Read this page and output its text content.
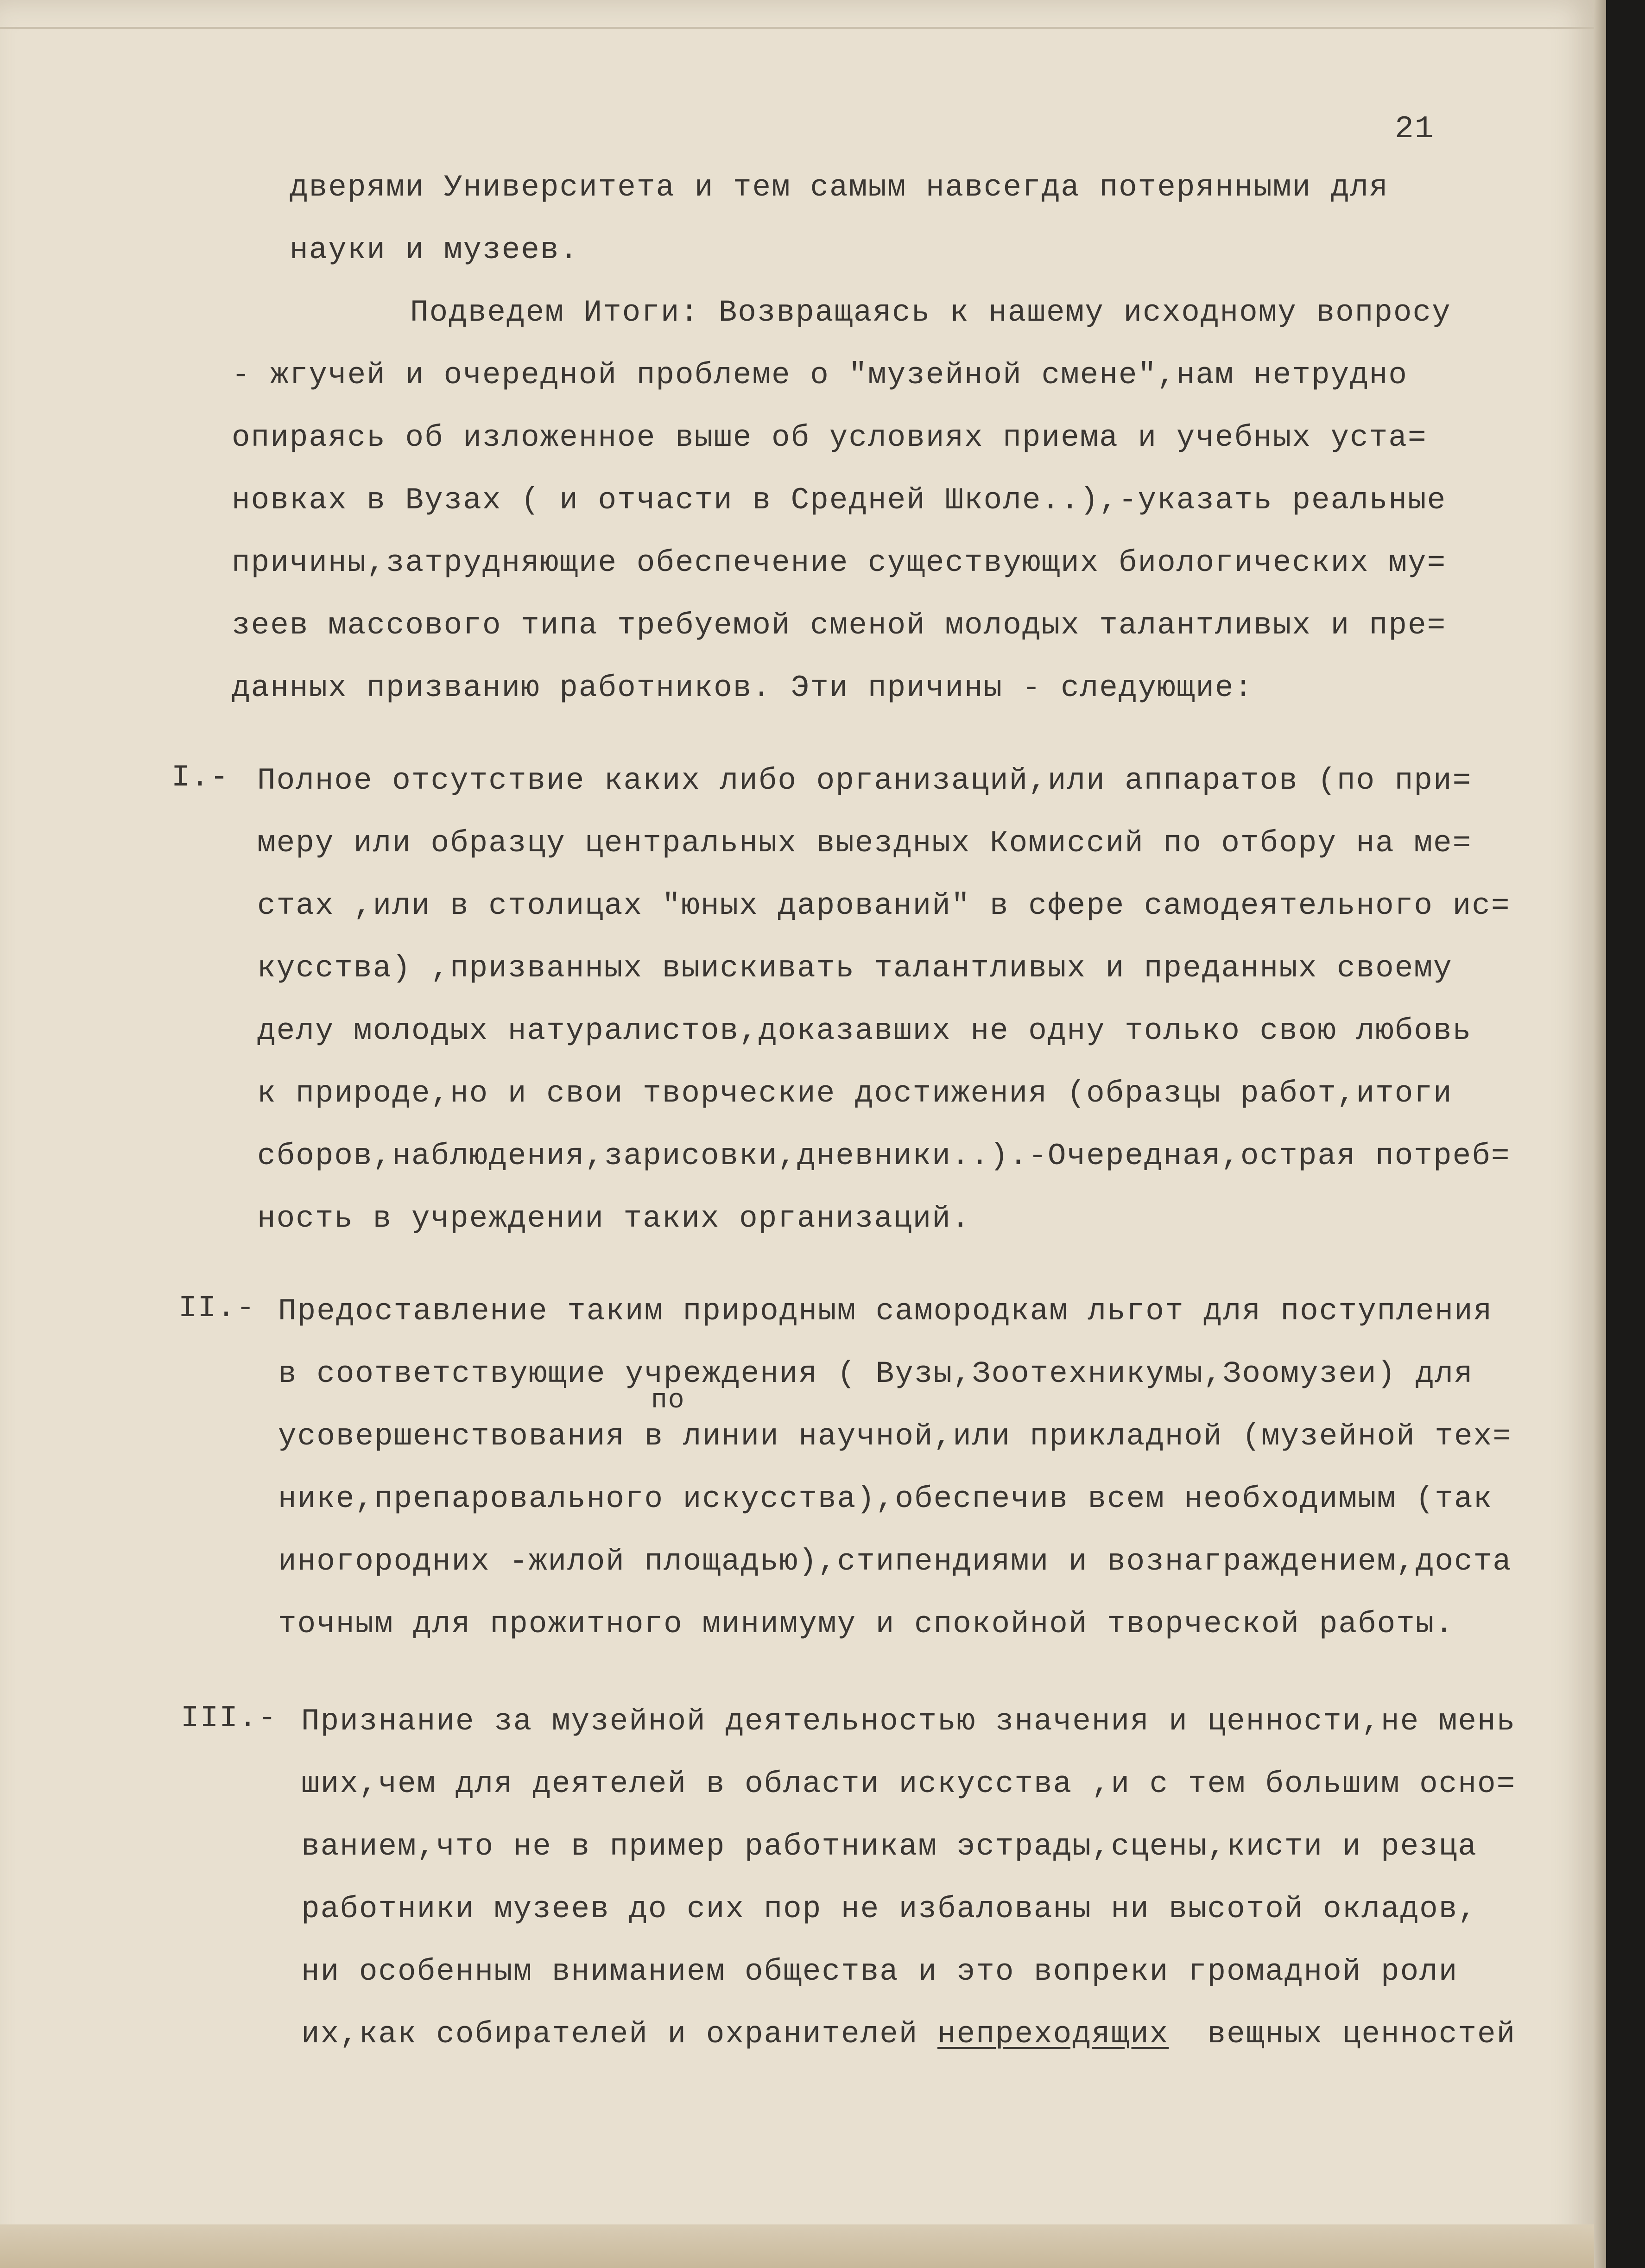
21
дверями Университета и тем самым навсегда потерянными для
науки и музеев.
Подведем Итоги: Возвращаясь к нашему исходному вопросу
- жгучей и очередной проблеме о "музейной смене",нам нетрудно
опираясь об изложенное выше об условиях приема и учебных уста=
новках в Вузах ( и отчасти в Средней Школе..),-указать реальные
причины,затрудняющие обеспечение существующих биологических му=
зеев массового типа требуемой сменой молодых талантливых и пре=
данных призванию работников. Эти причины - следующие:
I.- Полное отсутствие каких либо организаций,или аппаратов (по при=
меру или образцу центральных выездных Комиссий по отбору на ме=
стах ,или в столицах "юных дарований" в сфере самодеятельного ис=
кусства) ,призванных выискивать талантливых и преданных своему
делу молодых натуралистов,доказавших не одну только свою любовь
к природе,но и свои творческие достижения (образцы работ,итоги
сборов,наблюдения,зарисовки,дневники..).-Очередная,острая потреб=
ность в учреждении таких организаций.
II.- Предоставление таким природным самородкам льгот для поступления
в соответствующие учреждения ( Вузы,Зоотехникумы,Зоомузеи) для
по
усовершенствования в линии научной,или прикладной (музейной тех=
нике,препаровального искусства),обеспечив всем необходимым (так
иногородних -жилой площадью),стипендиями и вознаграждением,доста
точным для прожитного минимуму и спокойной творческой работы.
III.- Признание за музейной деятельностью значения и ценности,не мень
ших,чем для деятелей в области искусства ,и с тем большим осно=
ванием,что не в пример работникам эстрады,сцены,кисти и резца
работники музеев до сих пор не избалованы ни высотой окладов,
ни особенным вниманием общества и это вопреки громадной роли
их,как собирателей и охранителей непреходящих  вещных ценностей
